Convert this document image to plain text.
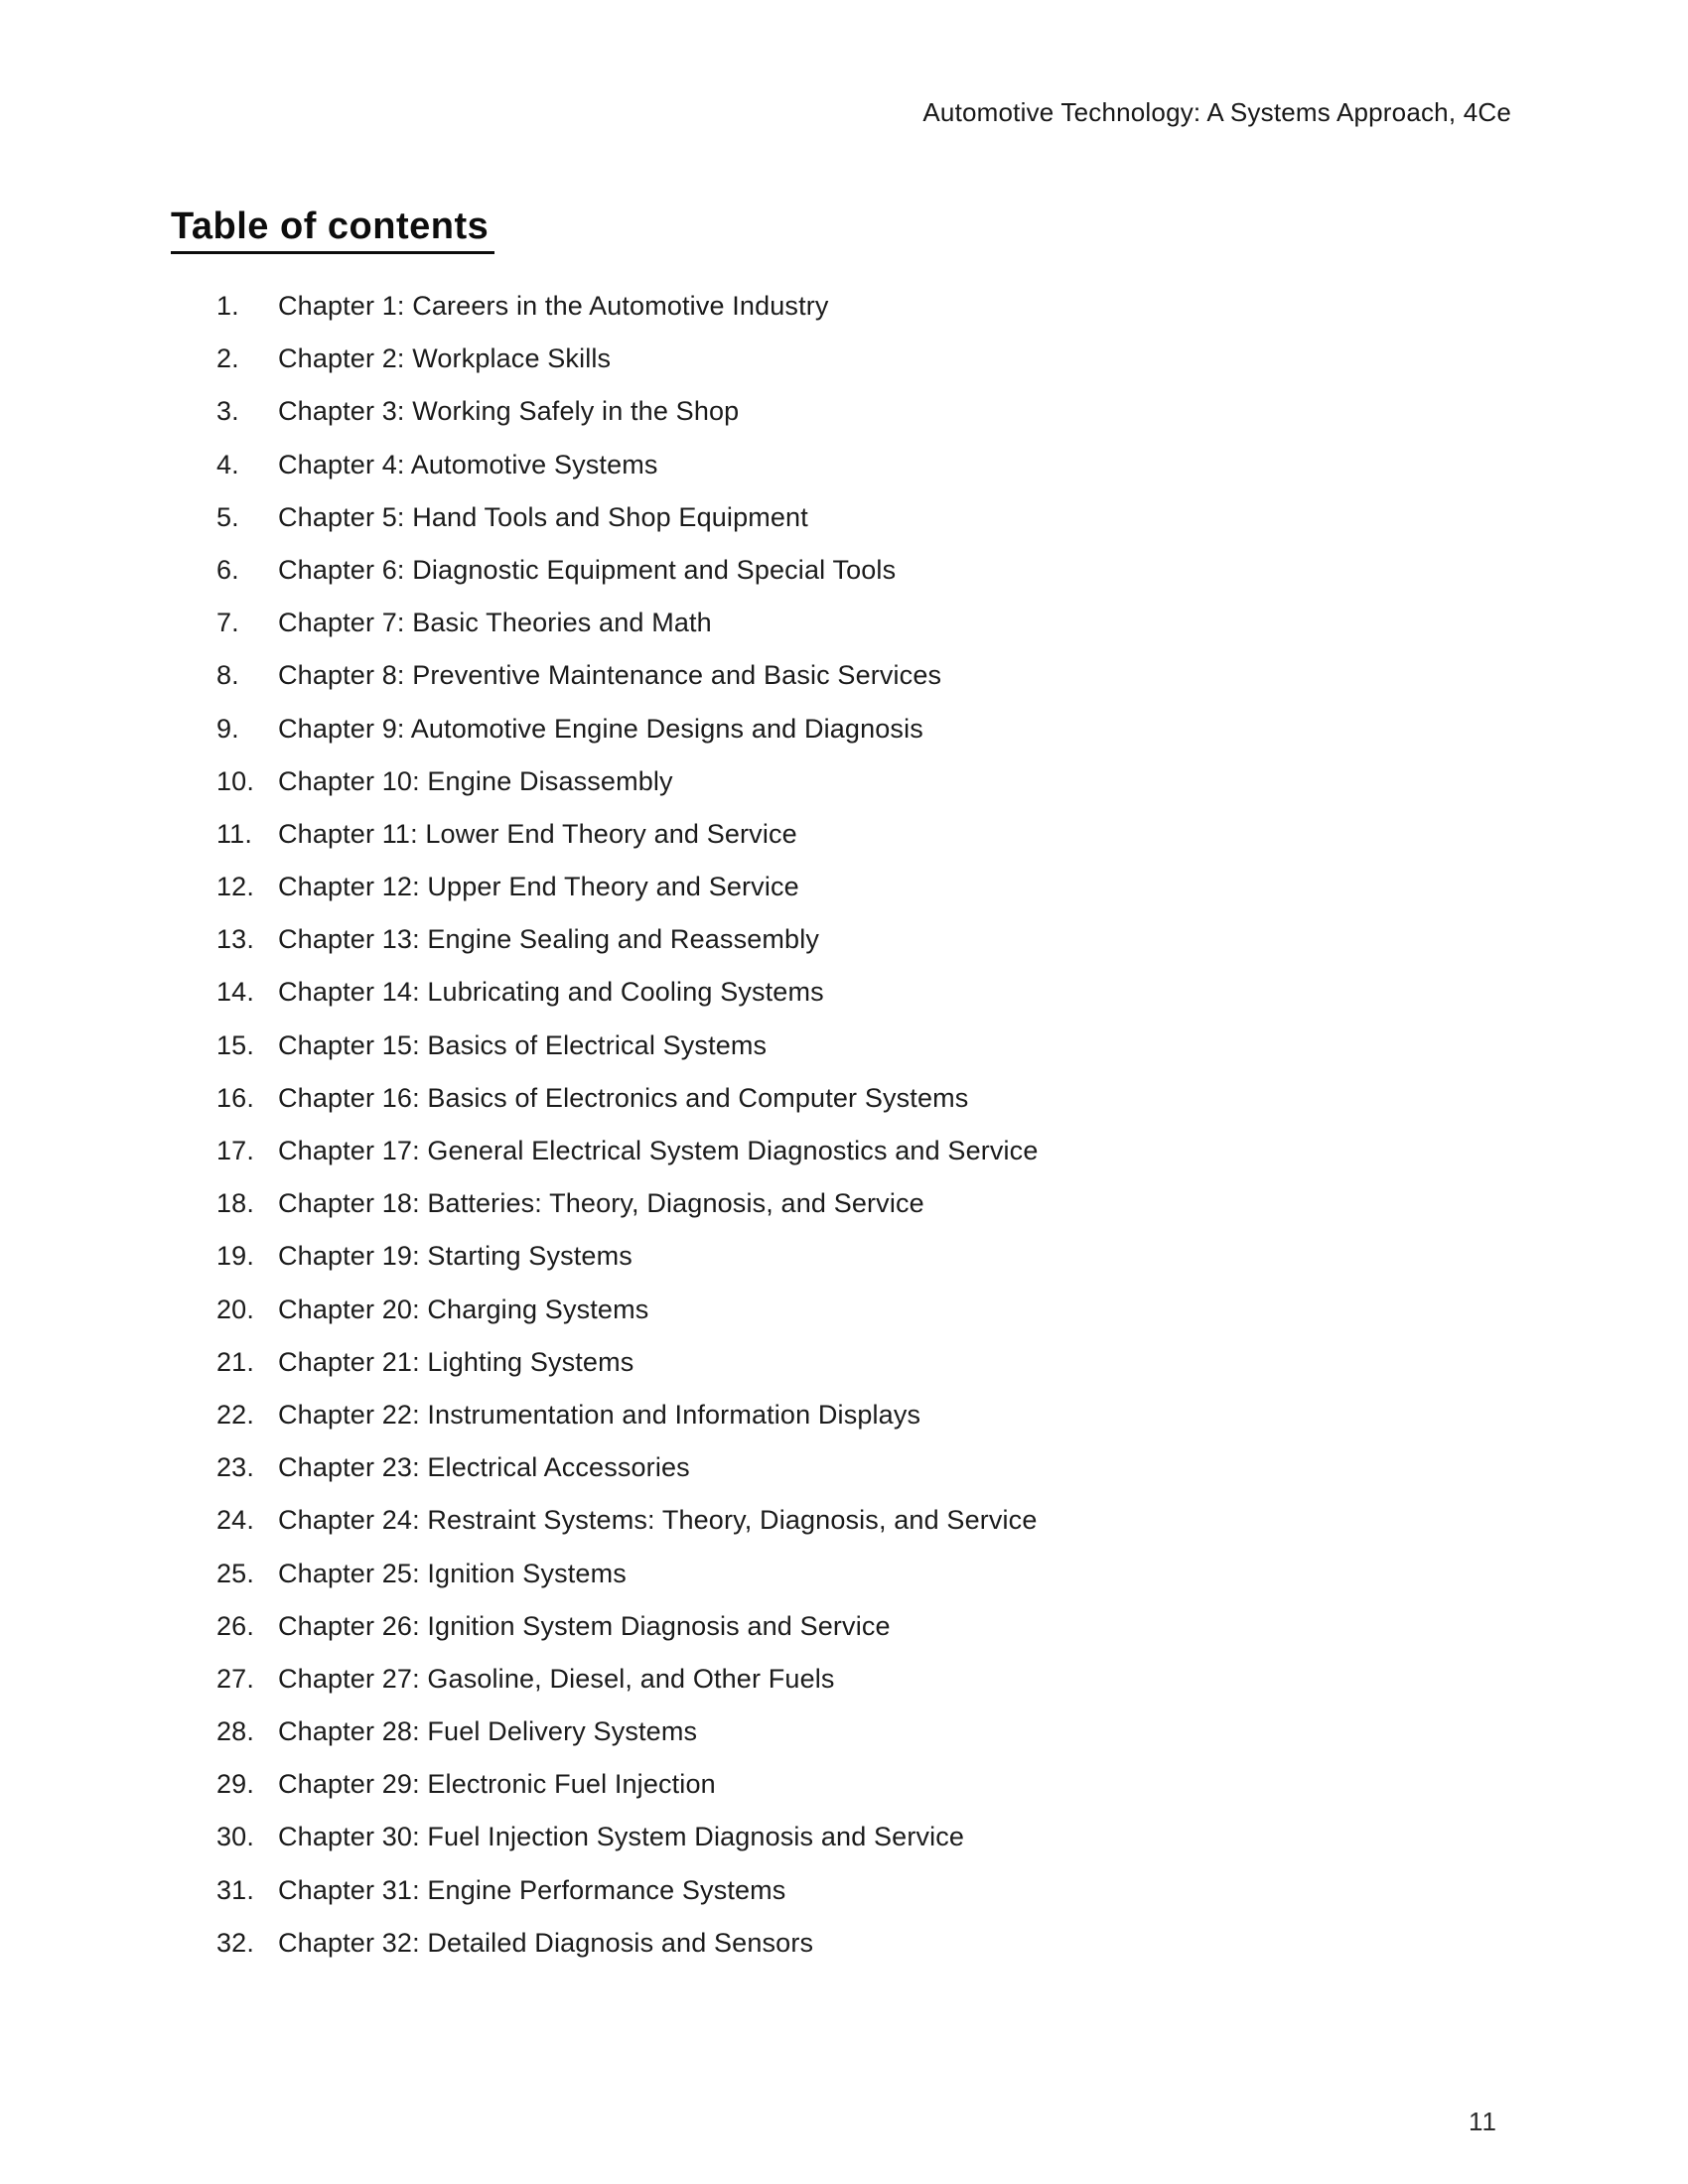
Automotive Technology: A Systems Approach, 4Ce
Table of contents
1.	Chapter 1: Careers in the Automotive Industry
2.	Chapter 2: Workplace Skills
3.	Chapter 3: Working Safely in the Shop
4.	Chapter 4: Automotive Systems
5.	Chapter 5: Hand Tools and Shop Equipment
6.	Chapter 6: Diagnostic Equipment and Special Tools
7.	Chapter 7: Basic Theories and Math
8.	Chapter 8: Preventive Maintenance and Basic Services
9.	Chapter 9: Automotive Engine Designs and Diagnosis
10. Chapter 10: Engine Disassembly
11. Chapter 11: Lower End Theory and Service
12. Chapter 12: Upper End Theory and Service
13. Chapter 13: Engine Sealing and Reassembly
14. Chapter 14: Lubricating and Cooling Systems
15. Chapter 15: Basics of Electrical Systems
16. Chapter 16: Basics of Electronics and Computer Systems
17. Chapter 17: General Electrical System Diagnostics and Service
18. Chapter 18: Batteries: Theory, Diagnosis, and Service
19. Chapter 19: Starting Systems
20. Chapter 20: Charging Systems
21. Chapter 21: Lighting Systems
22. Chapter 22: Instrumentation and Information Displays
23. Chapter 23: Electrical Accessories
24. Chapter 24: Restraint Systems: Theory, Diagnosis, and Service
25. Chapter 25: Ignition Systems
26. Chapter 26: Ignition System Diagnosis and Service
27. Chapter 27: Gasoline, Diesel, and Other Fuels
28. Chapter 28: Fuel Delivery Systems
29. Chapter 29: Electronic Fuel Injection
30. Chapter 30: Fuel Injection System Diagnosis and Service
31. Chapter 31: Engine Performance Systems
32. Chapter 32: Detailed Diagnosis and Sensors
11
